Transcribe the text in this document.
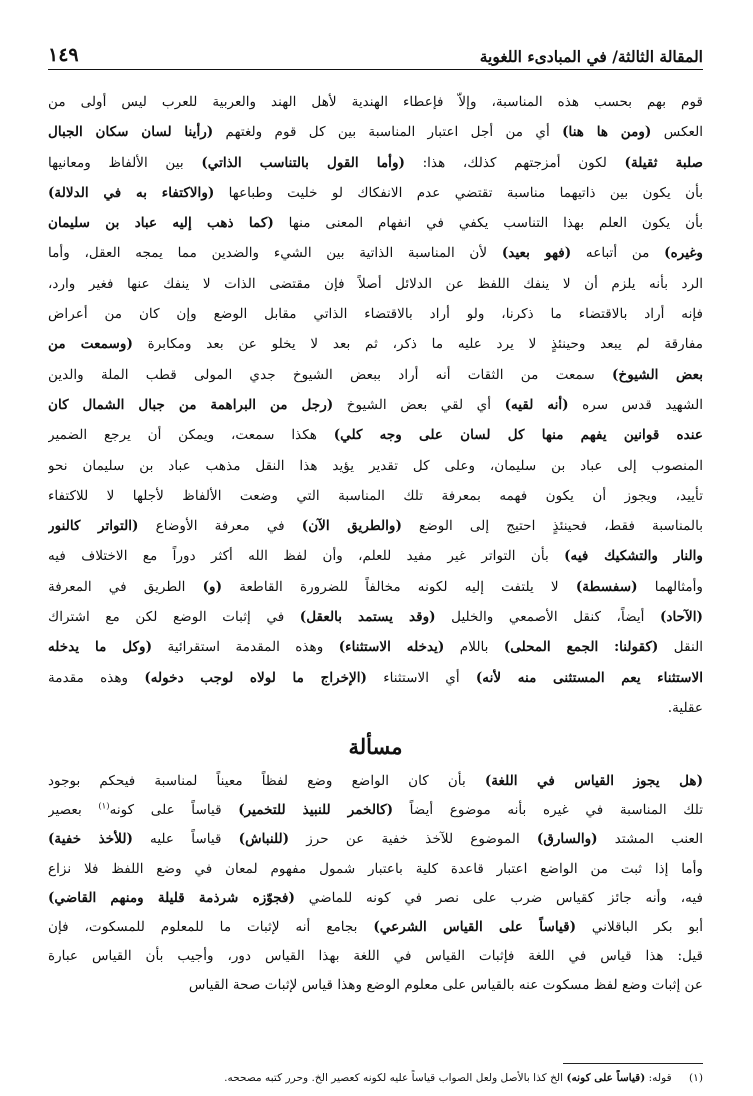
المقالة الثالثة/ في المبادىء اللغوية
١٤٩
قوم بهم بحسب هذه المناسبة، وإلاّ فإعطاء الهندية لأهل الهند والعربية للعرب ليس أولى من
العكس (ومن ها هنا) أي من أجل اعتبار المناسبة بين كل قوم ولغتهم (رأينا لسان سكان الجبال
صلبة ثقيلة) لكون أمزجتهم كذلك، هذا: (وأما القول بالتناسب الذاتي) بين الألفاظ ومعانيها
بأن يكون بين ذاتيهما مناسبة تقتضي عدم الانفكاك لو خليت وطباعها (والاكتفاء به في الدلالة)
بأن يكون العلم بهذا التناسب يكفي في انفهام المعنى منها (كما ذهب إليه عباد بن سليمان
وغيره) من أتباعه (فهو بعيد) لأن المناسبة الذاتية بين الشيء والضدين مما يمجه العقل، وأما
الرد بأنه يلزم أن لا ينفك اللفظ عن الدلائل أصلاً فإن مقتضى الذات لا ينفك عنها فغير وارد،
فإنه أراد بالاقتضاء ما ذكرنا، ولو أراد بالاقتضاء الذاتي مقابل الوضع وإن كان من أعراض
مفارقة لم يبعد وحينئذٍ لا يرد عليه ما ذكر، ثم بعد لا يخلو عن بعد ومكابرة (وسمعت من
بعض الشيوخ) سمعت من الثقات أنه أراد ببعض الشيوخ جدي المولى قطب الملة والدين
الشهيد قدس سره (أنه لقيه) أي لقي بعض الشيوخ (رجل من البراهمة من جبال الشمال كان
عنده قوانين يفهم منها كل لسان على وجه كلي) هكذا سمعت، ويمكن أن يرجع الضمير
المنصوب إلى عباد بن سليمان، وعلى كل تقدير يؤيد هذا النقل مذهب عباد بن سليمان نحو
تأييد، ويجوز أن يكون فهمه بمعرفة تلك المناسبة التي وضعت الألفاظ لأجلها لا للاكتفاء
بالمناسبة فقط، فحينئذٍ احتيج إلى الوضع (والطريق الآن) في معرفة الأوضاع (التواتر كالنور
والنار والتشكيك فيه) بأن التواتر غير مفيد للعلم، وأن لفظ الله أكثر دوراً مع الاختلاف فيه
وأمثالهما (سفسطة) لا يلتفت إليه لكونه مخالفاً للضرورة القاطعة (و) الطريق في المعرفة
(الآحاد) أيضاً، كنقل الأصمعي والخليل (وقد يستمد بالعقل) في إثبات الوضع لكن مع اشتراك
النقل (كقولنا: الجمع المحلى) باللام (يدخله الاستثناء) وهذه المقدمة استقرائية (وكل ما يدخله
الاستثناء يعم المستثنى منه لأنه) أي الاستثناء (الإخراج ما لولاه لوجب دخوله) وهذه مقدمة
عقلية.
مسألة
(هل يجوز القياس في اللغة) بأن كان الواضع وضع لفظاً معيناً لمناسبة فيحكم بوجود
تلك المناسبة في غيره بأنه موضوع أيضاً (كالخمر للنبيذ للتخمير) قياساً على كونه$^{(١)}$ بعصير
العنب المشتد (والسارق) الموضوع للآخذ خفية عن حرز (للنباش) قياساً عليه (للأخذ خفية)
وأما إذا ثبت من الواضع اعتبار قاعدة كلية باعتبار شمول مفهوم لمعان في وضع اللفظ فلا نزاع
فيه، وأنه جائز كقياس ضرب على نصر في كونه للماضي (فجوّزه شرذمة قليلة ومنهم القاضي)
أبو بكر الباقلاني (قياساً على القياس الشرعي) بجامع أنه لإثبات ما للمعلوم للمسكوت، فإن
قيل: هذا قياس في اللغة فإثبات القياس في اللغة بهذا القياس دور، وأجيب بأن القياس عبارة
عن إثبات وضع لفظ مسكوت عنه بالقياس على معلوم الوضع وهذا قياس لإثبات صحة القياس
(١) قوله: (قياساً على كونه) الخ كذا بالأصل ولعل الصواب قياساً عليه لكونه كعصير الخ. وحرر كتبه مصححه.
